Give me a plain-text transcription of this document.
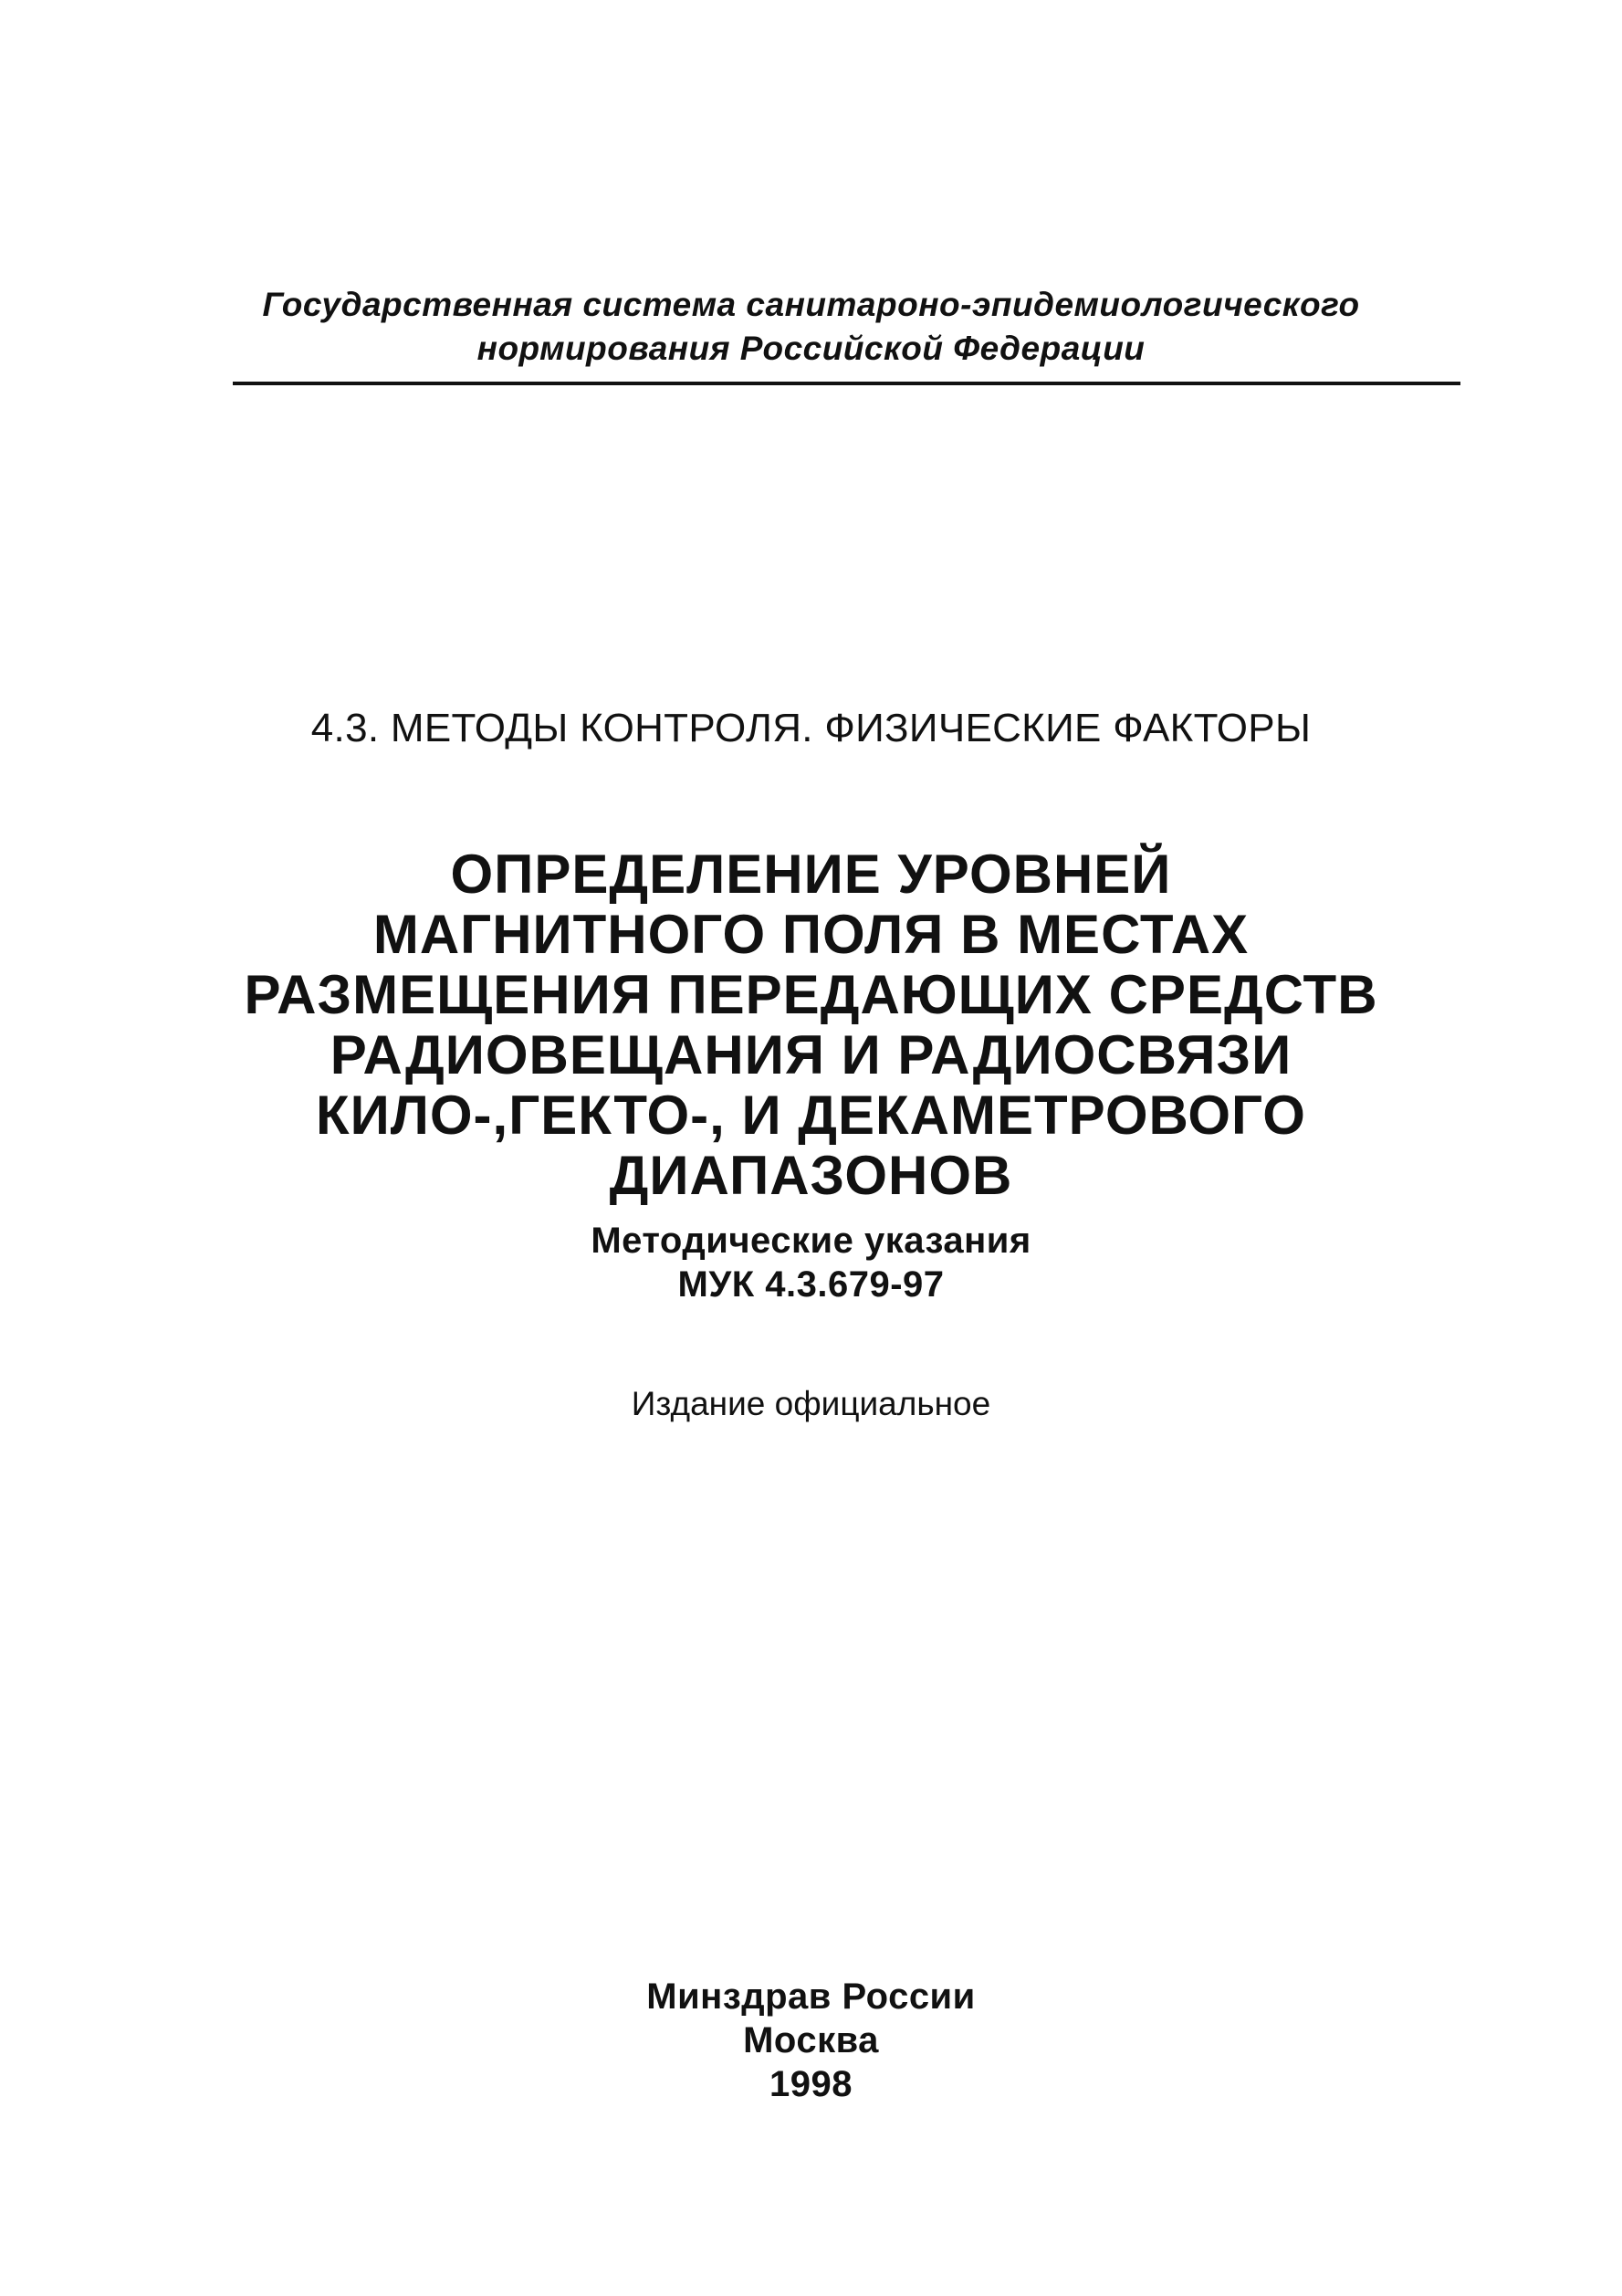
Государственная система санитароно-эпидемиологического
нормирования Российской Федерации
4.3. МЕТОДЫ КОНТРОЛЯ. ФИЗИЧЕСКИЕ ФАКТОРЫ
ОПРЕДЕЛЕНИЕ УРОВНЕЙ
МАГНИТНОГО ПОЛЯ В МЕСТАХ
РАЗМЕЩЕНИЯ ПЕРЕДАЮЩИХ СРЕДСТВ
РАДИОВЕЩАНИЯ И РАДИОСВЯЗИ
КИЛО-,ГЕКТО-, И ДЕКАМЕТРОВОГО
ДИАПАЗОНОВ
Методические указания
МУК 4.3.679-97
Издание официальное
Минздрав России
Москва
1998
